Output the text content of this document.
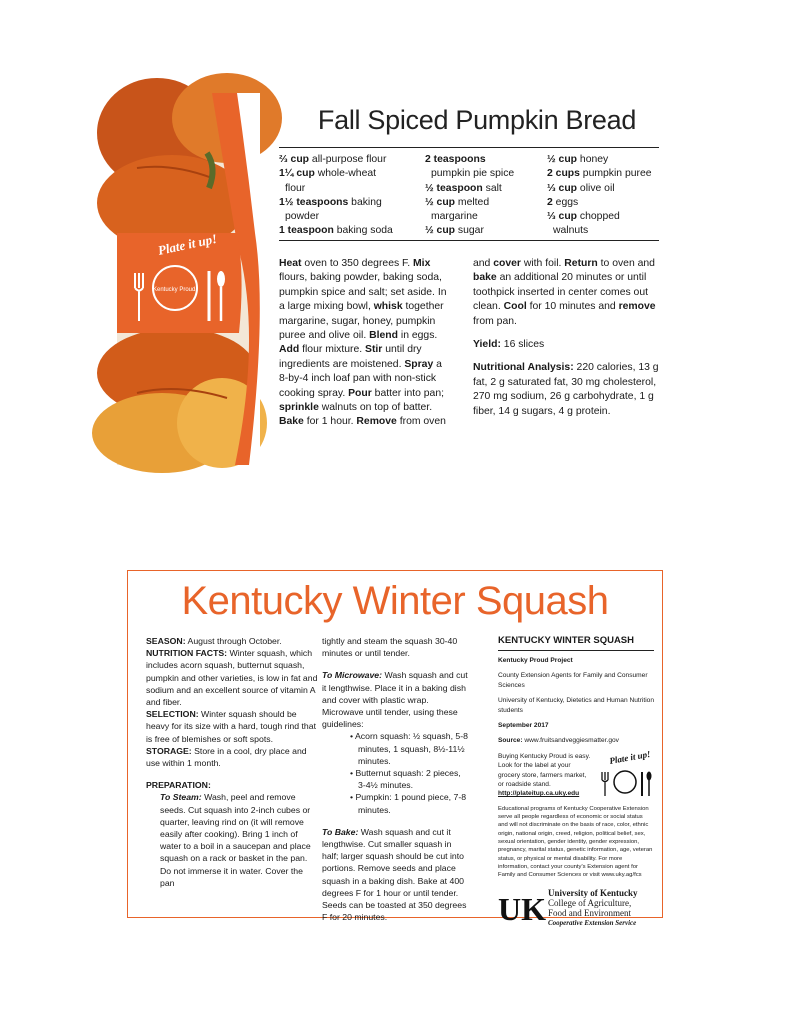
Plate it up!
Kentucky Proud.
Fall Spiced Pumpkin Bread
⅔ cup all-purpose flour
1¼ cup whole-wheat
flour
1½ teaspoons baking
powder
1 teaspoon baking soda
2 teaspoons
pumpkin pie spice
½ teaspoon salt
½ cup melted
margarine
½ cup sugar
½ cup honey
2 cups pumpkin puree
⅓ cup olive oil
2 eggs
⅓ cup chopped
walnuts

Heat oven to 350 degrees F. Mix flours, baking powder, baking soda, pumpkin spice and salt; set aside. In a large mixing bowl, whisk together margarine, sugar, honey, pumpkin puree and olive oil. Blend in eggs. Add flour mixture. Stir until dry ingredients are moistened. Spray a 8-by-4 inch loaf pan with non-stick cooking spray. Pour batter into pan; sprinkle walnuts on top of batter. Bake for 1 hour. Remove from oven

and cover with foil. Return to oven and bake an additional 20 minutes or until toothpick inserted in center comes out clean. Cool for 10 minutes and remove from pan.

Yield: 16 slices

Nutritional Analysis: 220 calories, 13 g fat, 2 g saturated fat, 30 mg cholesterol, 270 mg sodium, 26 g carbohydrate, 1 g fiber, 14 g sugars, 4 g protein.

Kentucky Winter Squash

SEASON: August through October.

NUTRITION FACTS: Winter squash, which includes acorn squash, butternut squash, pumpkin and other varieties, is low in fat and sodium and an excellent source of vitamin A and fiber.

SELECTION: Winter squash should be heavy for its size with a hard, tough rind that is free of blemishes or soft spots.

STORAGE: Store in a cool, dry place and use within 1 month.

PREPARATION:

To Steam: Wash, peel and remove seeds. Cut squash into 2-inch cubes or quarter, leaving rind on (it will remove easily after cooking). Bring 1 inch of water to a boil in a saucepan and place squash on a rack or basket in the pan. Do not immerse it in water. Cover the pan

tightly and steam the squash 30-40 minutes or until tender.

To Microwave: Wash squash and cut it lengthwise. Place it in a baking dish and cover with plastic wrap. Microwave until tender, using these guidelines:

• Acorn squash: ½ squash, 5-8 minutes, 1 squash, 8½-11½ minutes.
• Butternut squash: 2 pieces, 3-4½ minutes.
• Pumpkin: 1 pound piece, 7-8 minutes.

To Bake: Wash squash and cut it lengthwise. Cut smaller squash in half; larger squash should be cut into portions. Remove seeds and place squash in a baking dish. Bake at 400 degrees F for 1 hour or until tender. Seeds can be toasted at 350 degrees F for 20 minutes.

KENTUCKY WINTER SQUASH
Kentucky Proud Project
County Extension Agents for Family and Consumer Sciences
University of Kentucky, Dietetics and Human Nutrition students
September 2017
Source: www.fruitsandveggiesmatter.gov
Buying Kentucky Proud is easy. Look for the label at your grocery store, farmers market, or roadside stand.
http://plateitup.ca.uky.edu
Plate it up!
Educational programs of Kentucky Cooperative Extension serve all people regardless of economic or social status and will not discriminate on the basis of race, color, ethnic origin, national origin, creed, religion, political belief, sex, sexual orientation, gender identity, gender expression, pregnancy, marital status, genetic information, age, veteran status, or physical or mental disability. For more information, contact your county's Extension agent for Family and Consumer Sciences or visit www.uky.ag/fcs
UK University of Kentucky
College of Agriculture,
Food and Environment
Cooperative Extension Service
